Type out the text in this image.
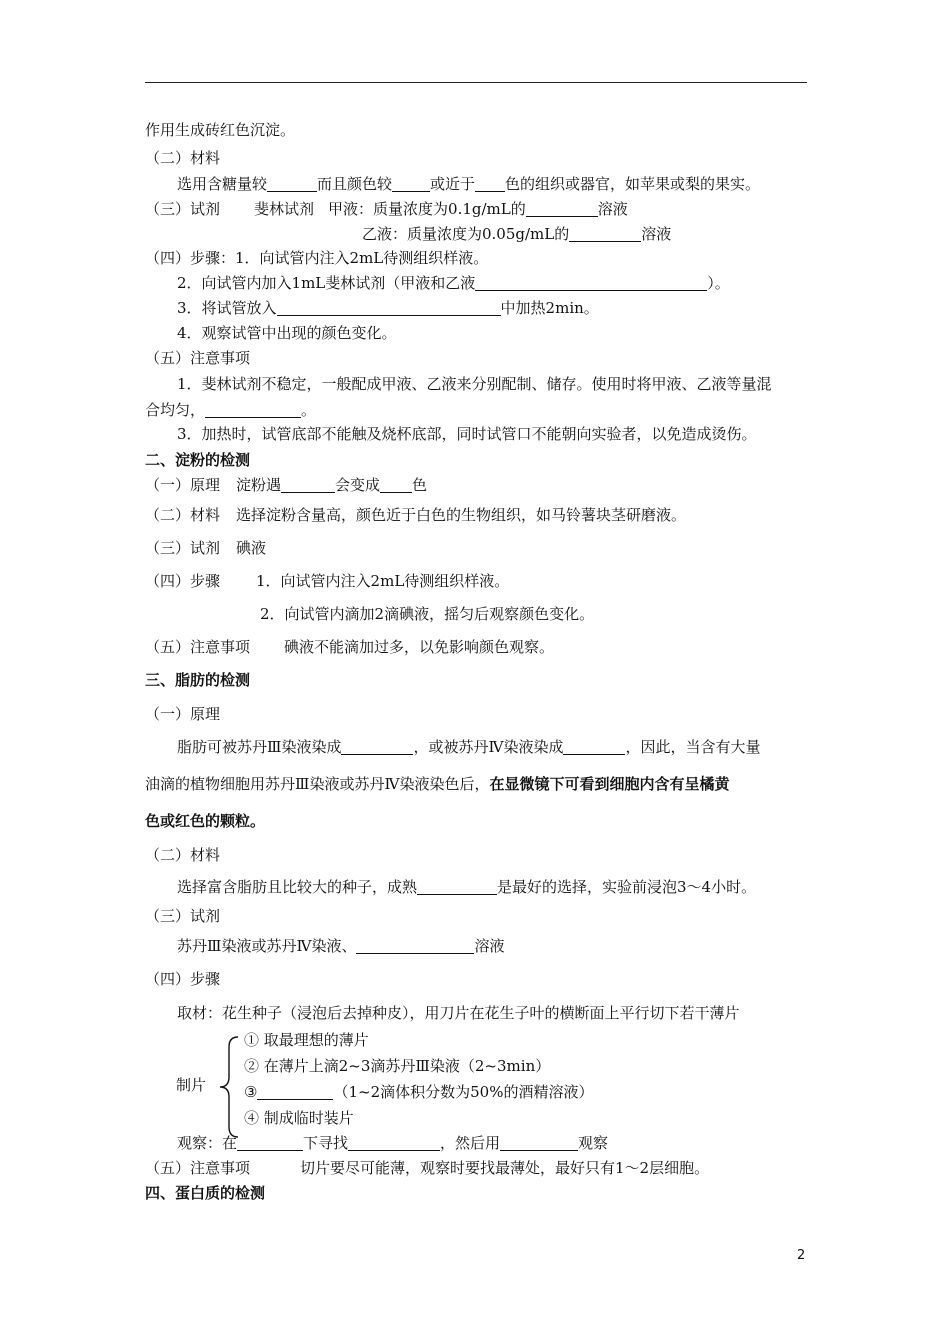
作用生成砖红色沉淀。
（二）材料
选用含糖量较	而且颜色较	或近于 色的组织或器官，如苹果或梨的果实。
（三）试剂 斐林试剂 甲液：质量浓度为0.1g/mL的	溶液
乙液：质量浓度为0.05g/mL的	溶液
（四）步骤：1．向试管内注入2mL待测组织样液。
2．向试管内加入1mL斐林试剂（甲液和乙液	）。
3．将试管放入	中加热2min。
4．观察试管中出现的颜色变化。
（五）注意事项
1．斐林试剂不稳定，一般配成甲液、乙液来分别配制、储存。使用时将甲液、乙液等量混
合均匀，	。
3．加热时，试管底部不能触及烧杯底部，同时试管口不能朝向实验者，以免造成烫伤。
二、淀粉的检测
（一）原理 淀粉遇	会变成 色
（二）材料 选择淀粉含量高，颜色近于白色的生物组织，如马铃薯块茎研磨液。
（三）试剂 碘液
（四）步骤 1．向试管内注入2mL待测组织样液。
2．向试管内滴加2滴碘液，摇匀后观察颜色变化。
（五）注意事项 碘液不能滴加过多，以免影响颜色观察。
三、脂肪的检测
（一）原理
脂肪可被苏丹Ⅲ染液染成	，或被苏丹Ⅳ染液染成	，因此，当含有大量
油滴的植物细胞用苏丹Ⅲ染液或苏丹Ⅳ染液染色后，在显微镜下可看到细胞内含有呈橘黄
色或红色的颗粒。
（二）材料
选择富含脂肪且比较大的种子，成熟	是最好的选择，实验前浸泡3～4小时。
（三）试剂
苏丹Ⅲ染液或苏丹Ⅳ染液、	溶液
（四）步骤
取材：花生种子（浸泡后去掉种皮），用刀片在花生子叶的横断面上平行切下若干薄片
制片
① 取最理想的薄片
② 在薄片上滴2~3滴苏丹Ⅲ染液（2~3min）
③	（1~2滴体积分数为50%的酒精溶液）
④ 制成临时装片
观察：在	下寻找	，然后用	观察
（五）注意事项	切片要尽可能薄，观察时要找最薄处，最好只有1～2层细胞。
四、蛋白质的检测
2
